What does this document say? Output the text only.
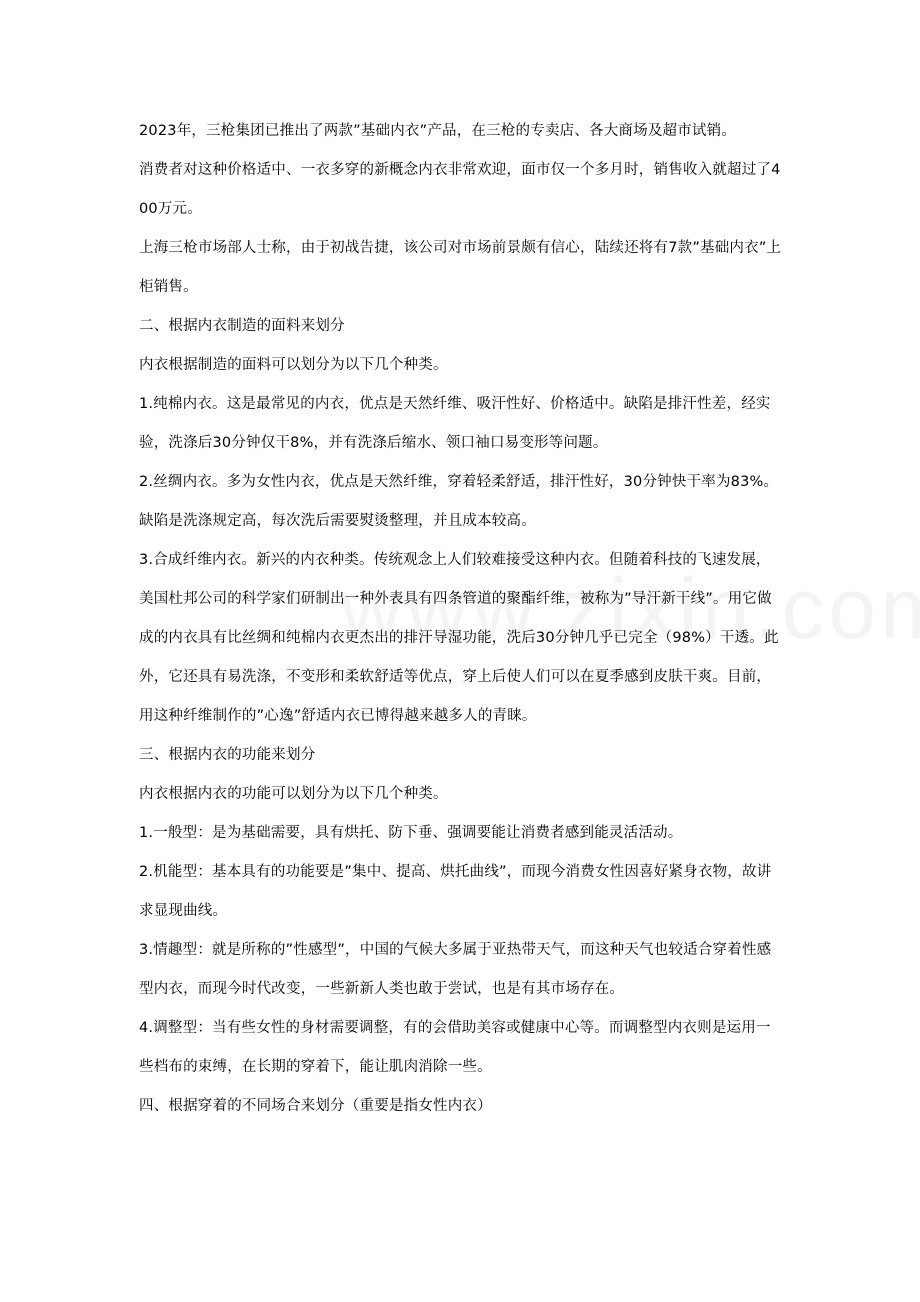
2023年，三枪集团已推出了两款”基础内衣”产品，在三枪的专卖店、各大商场及超市试销。

消费者对这种价格适中、一衣多穿的新概念内衣非常欢迎，面市仅一个多月时，销售收入就超过了400万元。

上海三枪市场部人士称，由于初战告捷，该公司对市场前景颇有信心，陆续还将有7款”基础内衣”上柜销售。

二、根据内衣制造的面料来划分

内衣根据制造的面料可以划分为以下几个种类。

1.纯棉内衣。这是最常见的内衣，优点是天然纤维、吸汗性好、价格适中。缺陷是排汗性差，经实验，洗涤后30分钟仅干8%，并有洗涤后缩水、领口袖口易变形等问题。

2.丝绸内衣。多为女性内衣，优点是天然纤维，穿着轻柔舒适，排汗性好，30分钟快干率为83%。缺陷是洗涤规定高，每次洗后需要熨烫整理，并且成本较高。

3.合成纤维内衣。新兴的内衣种类。传统观念上人们较难接受这种内衣。但随着科技的飞速发展，美国杜邦公司的科学家们研制出一种外表具有四条管道的聚酯纤维，被称为”导汗新干线”。用它做成的内衣具有比丝绸和纯棉内衣更杰出的排汗导湿功能，洗后30分钟几乎已完全（98%）干透。此外，它还具有易洗涤，不变形和柔软舒适等优点，穿上后使人们可以在夏季感到皮肤干爽。目前，用这种纤维制作的”心逸”舒适内衣已博得越来越多人的青睐。

三、根据内衣的功能来划分

内衣根据内衣的功能可以划分为以下几个种类。

1.一般型：是为基础需要，具有烘托、防下垂、强调要能让消费者感到能灵活活动。

2.机能型：基本具有的功能要是”集中、提高、烘托曲线”，而现今消费女性因喜好紧身衣物，故讲求显现曲线。

3.情趣型：就是所称的”性感型”，中国的气候大多属于亚热带天气，而这种天气也较适合穿着性感型内衣，而现今时代改变，一些新新人类也敢于尝试，也是有其市场存在。

4.调整型：当有些女性的身材需要调整，有的会借助美容或健康中心等。而调整型内衣则是运用一些档布的束缚，在长期的穿着下，能让肌肉消除一些。

四、根据穿着的不同场合来划分（重要是指女性内衣）
